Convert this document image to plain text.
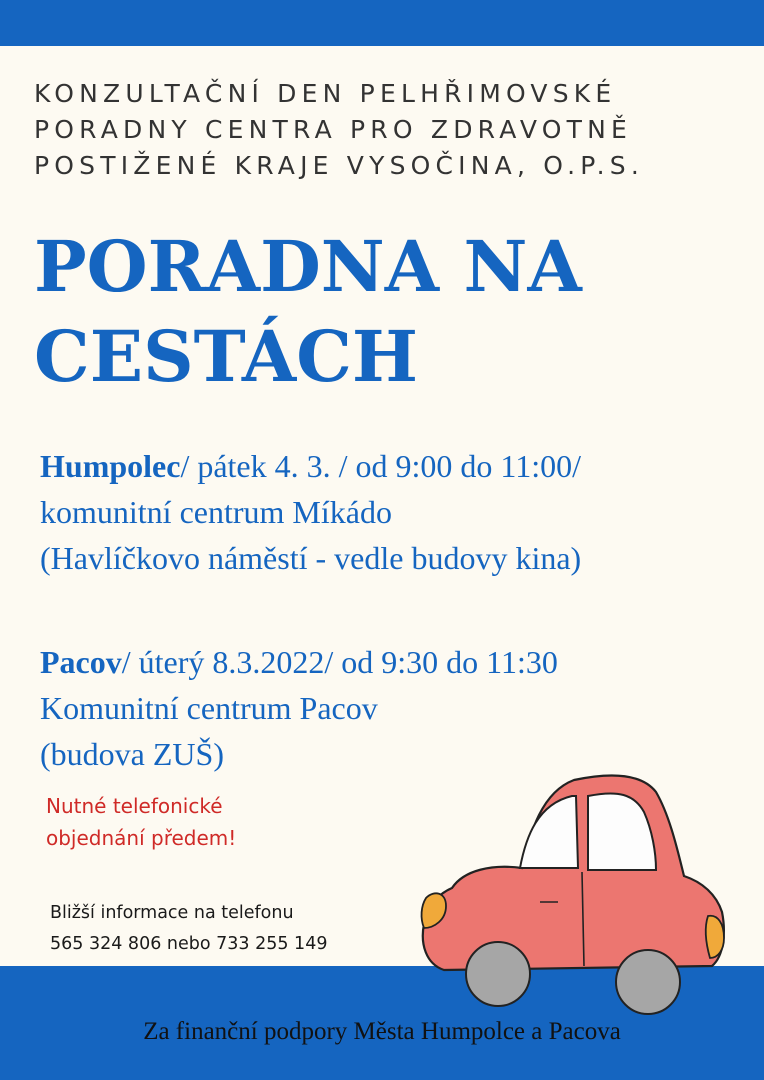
KONZULTAČNÍ DEN PELHŘIMOVSKÉ
PORADNY CENTRA PRO ZDRAVOTNĚ
POSTIŽENÉ KRAJE VYSOČINA, O.P.S.
PORADNA NA
CESTÁCH
Humpolec/ pátek 4. 3. / od 9:00 do 11:00/
komunitní centrum Míkádo
(Havlíčkovo náměstí - vedle budovy kina)
Pacov/ úterý 8.3.2022/ od 9:30 do 11:30
Komunitní centrum Pacov
(budova ZUŠ)
Nutné telefonické
objednání předem!
Bližší informace na telefonu
565 324 806 nebo 733 255 149
Za finanční podpory Města Humpolce a Pacova
